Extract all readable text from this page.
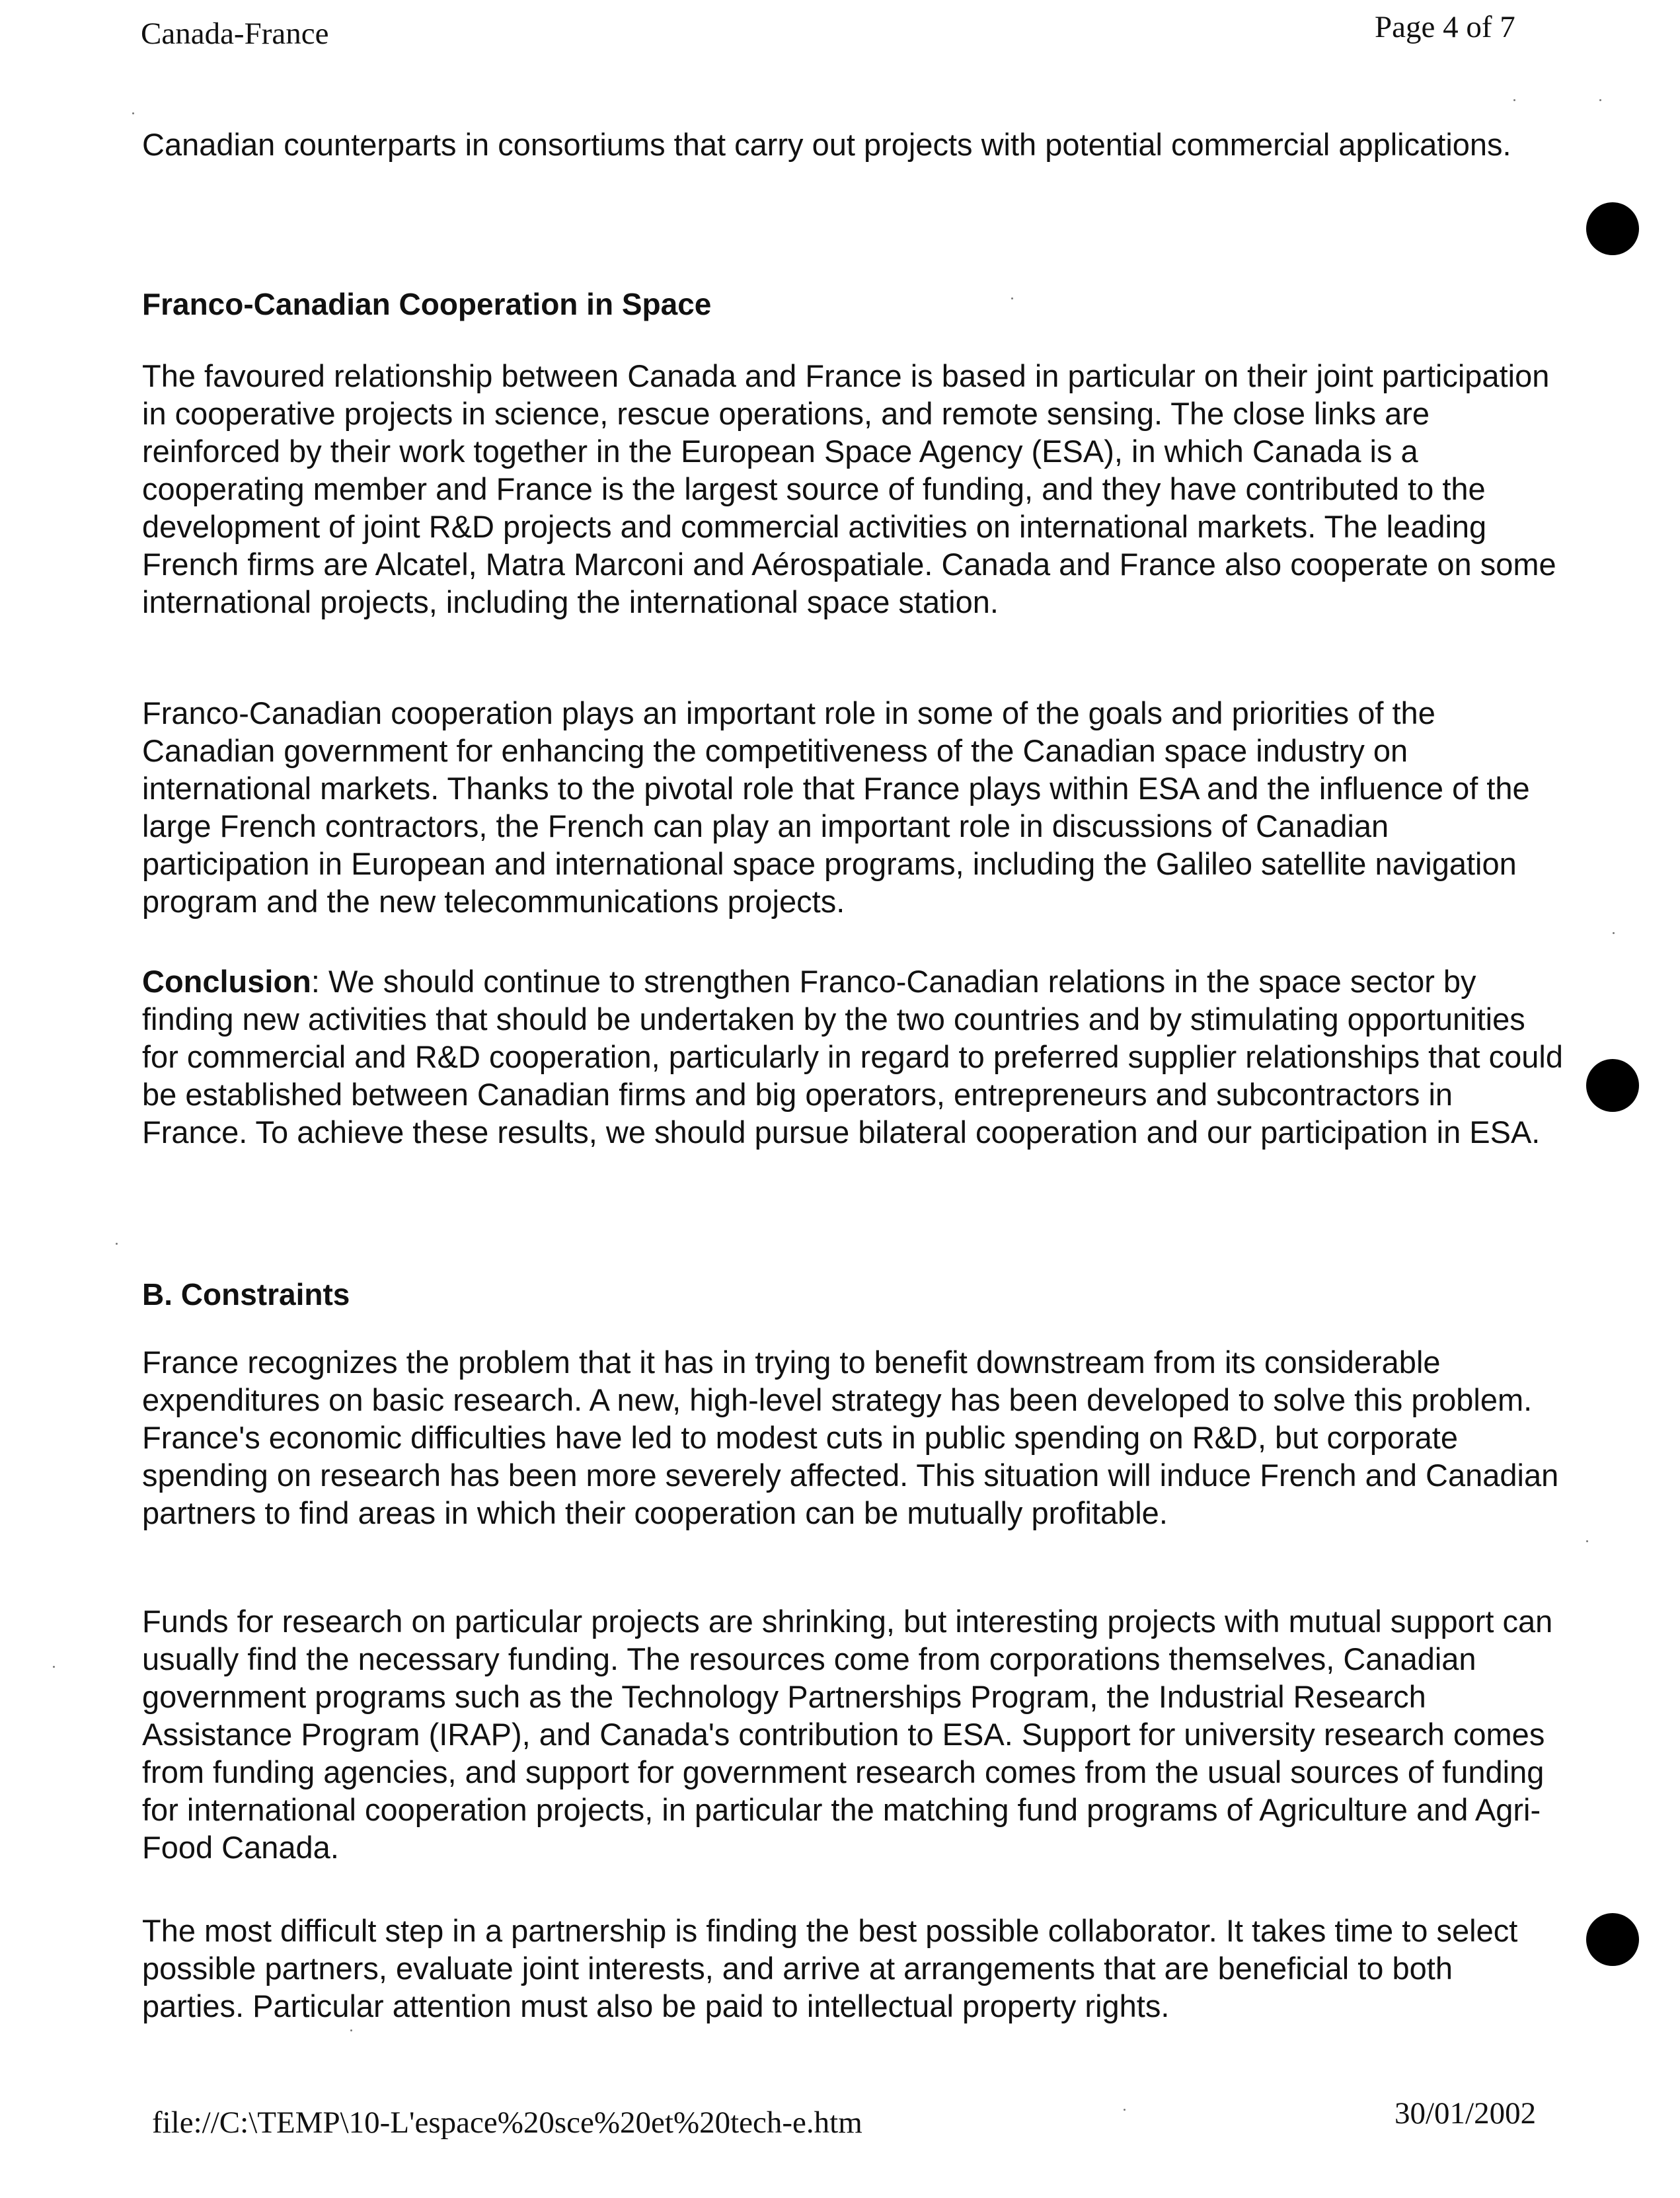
Canada-France	Page 4 of 7

Canadian counterparts in consortiums that carry out projects with potential commercial applications.

Franco-Canadian Cooperation in Space

The favoured relationship between Canada and France is based in particular on their joint participation in cooperative projects in science, rescue operations, and remote sensing. The close links are reinforced by their work together in the European Space Agency (ESA), in which Canada is a cooperating member and France is the largest source of funding, and they have contributed to the development of joint R&D projects and commercial activities on international markets. The leading French firms are Alcatel, Matra Marconi and Aérospatiale. Canada and France also cooperate on some international projects, including the international space station.

Franco-Canadian cooperation plays an important role in some of the goals and priorities of the Canadian government for enhancing the competitiveness of the Canadian space industry on international markets. Thanks to the pivotal role that France plays within ESA and the influence of the large French contractors, the French can play an important role in discussions of Canadian participation in European and international space programs, including the Galileo satellite navigation program and the new telecommunications projects.

Conclusion: We should continue to strengthen Franco-Canadian relations in the space sector by finding new activities that should be undertaken by the two countries and by stimulating opportunities for commercial and R&D cooperation, particularly in regard to preferred supplier relationships that could be established between Canadian firms and big operators, entrepreneurs and subcontractors in France. To achieve these results, we should pursue bilateral cooperation and our participation in ESA.

B. Constraints

France recognizes the problem that it has in trying to benefit downstream from its considerable expenditures on basic research. A new, high-level strategy has been developed to solve this problem. France's economic difficulties have led to modest cuts in public spending on R&D, but corporate spending on research has been more severely affected. This situation will induce French and Canadian partners to find areas in which their cooperation can be mutually profitable.

Funds for research on particular projects are shrinking, but interesting projects with mutual support can usually find the necessary funding. The resources come from corporations themselves, Canadian government programs such as the Technology Partnerships Program, the Industrial Research Assistance Program (IRAP), and Canada's contribution to ESA. Support for university research comes from funding agencies, and support for government research comes from the usual sources of funding for international cooperation projects, in particular the matching fund programs of Agriculture and Agri-Food Canada.

The most difficult step in a partnership is finding the best possible collaborator. It takes time to select possible partners, evaluate joint interests, and arrive at arrangements that are beneficial to both parties. Particular attention must also be paid to intellectual property rights.

file://C:\TEMP\10-L'espace%20sce%20et%20tech-e.htm	30/01/2002
